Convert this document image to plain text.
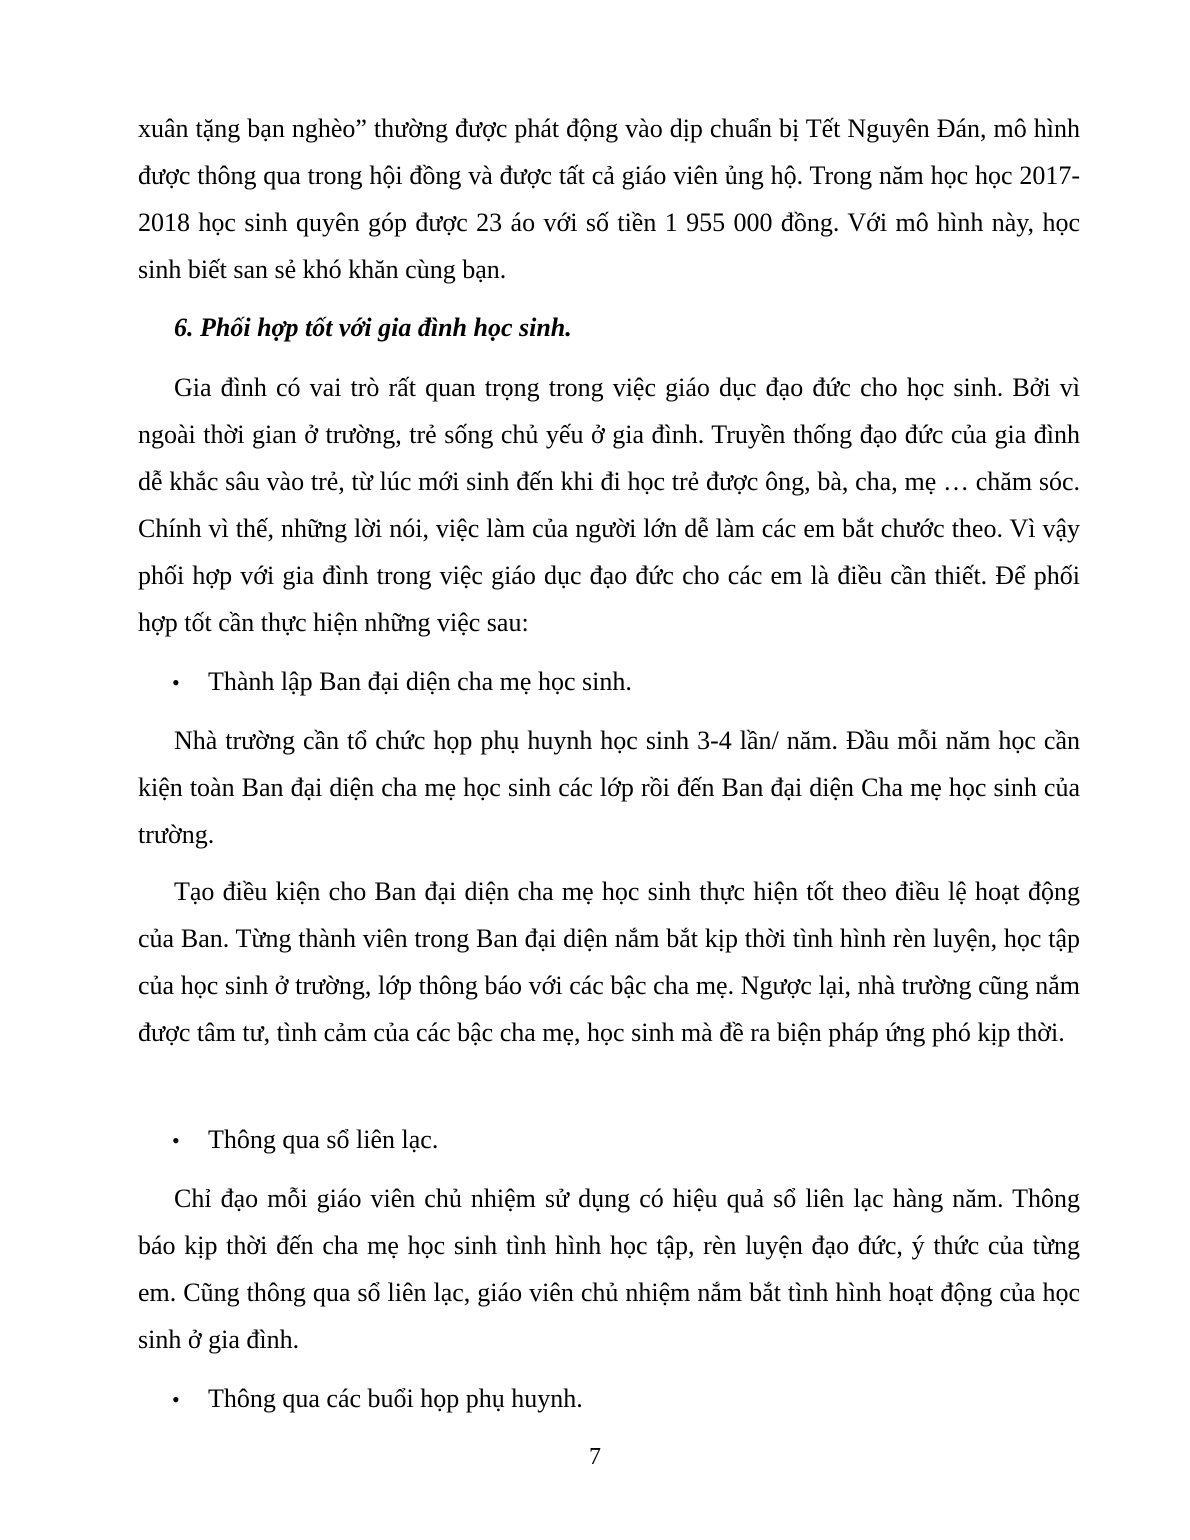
xuân tặng bạn nghèo” thường được phát động vào dịp chuẩn bị Tết Nguyên Đán, mô hình được thông qua trong hội đồng và được tất cả giáo viên ủng hộ. Trong năm học học 2017-2018 học sinh quyên góp được 23 áo với số tiền 1 955 000 đồng. Với mô hình này, học sinh biết san sẻ khó khăn cùng bạn.

6. Phối hợp tốt với gia đình học sinh.

Gia đình có vai trò rất quan trọng trong việc giáo dục đạo đức cho học sinh. Bởi vì ngoài thời gian ở trường, trẻ sống chủ yếu ở gia đình. Truyền thống đạo đức của gia đình dễ khắc sâu vào trẻ, từ lúc mới sinh đến khi đi học trẻ được ông, bà, cha, mẹ … chăm sóc. Chính vì thế, những lời nói, việc làm của người lớn dễ làm các em bắt chước theo. Vì vậy phối hợp với gia đình trong việc giáo dục đạo đức cho các em là điều cần thiết. Để phối hợp tốt cần thực hiện những việc sau:

• Thành lập Ban đại diện cha mẹ học sinh.

Nhà trường cần tổ chức họp phụ huynh học sinh 3-4 lần/ năm. Đầu mỗi năm học cần kiện toàn Ban đại diện cha mẹ học sinh các lớp rồi đến Ban đại diện Cha mẹ học sinh của trường.

Tạo điều kiện cho Ban đại diện cha mẹ học sinh thực hiện tốt theo điều lệ hoạt động của Ban. Từng thành viên trong Ban đại diện nắm bắt kịp thời tình hình rèn luyện, học tập của học sinh ở trường, lớp thông báo với các bậc cha mẹ. Ngược lại, nhà trường cũng nắm được tâm tư, tình cảm của các bậc cha mẹ, học sinh mà đề ra biện pháp ứng phó kịp thời.

• Thông qua sổ liên lạc.

Chỉ đạo mỗi giáo viên chủ nhiệm sử dụng có hiệu quả sổ liên lạc hàng năm. Thông báo kịp thời đến cha mẹ học sinh tình hình học tập, rèn luyện đạo đức, ý thức của từng em. Cũng thông qua sổ liên lạc, giáo viên chủ nhiệm nắm bắt tình hình hoạt động của học sinh ở gia đình.

• Thông qua các buổi họp phụ huynh.

7
